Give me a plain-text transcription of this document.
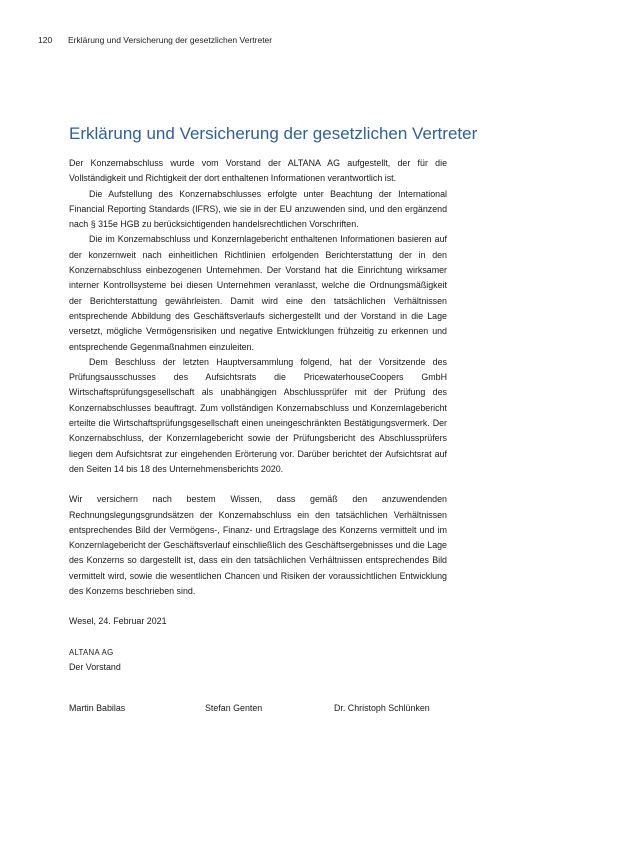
120 Erklärung und Versicherung der gesetzlichen Vertreter
Erklärung und Versicherung der gesetzlichen Vertreter

Der Konzernabschluss wurde vom Vorstand der ALTANA AG aufgestellt, der für die Vollständigkeit und Richtigkeit der dort enthaltenen Informationen verantwortlich ist.

Die Aufstellung des Konzernabschlusses erfolgte unter Beachtung der International Financial Reporting Standards (IFRS), wie sie in der EU anzuwenden sind, und den ergänzend nach § 315e HGB zu berücksichtigenden handelsrechtlichen Vorschriften.

Die im Konzernabschluss und Konzernlagebericht enthaltenen Informationen basieren auf der konzernweit nach einheitlichen Richtlinien erfolgenden Berichterstattung der in den Konzernabschluss einbezogenen Unternehmen. Der Vorstand hat die Einrichtung wirksamer interner Kontrollsysteme bei diesen Unternehmen veranlasst, welche die Ordnungsmäßigkeit der Berichterstattung gewährleisten. Damit wird eine den tatsächlichen Verhältnissen entsprechende Abbildung des Geschäftsverlaufs sichergestellt und der Vorstand in die Lage versetzt, mögliche Vermögensrisiken und negative Entwicklungen frühzeitig zu erkennen und entsprechende Gegenmaßnahmen einzuleiten.

Dem Beschluss der letzten Hauptversammlung folgend, hat der Vorsitzende des Prüfungsausschusses des Aufsichtsrats die PricewaterhouseCoopers GmbH Wirtschaftsprüfungsgesellschaft als unabhängigen Abschlussprüfer mit der Prüfung des Konzernabschlusses beauftragt. Zum vollständigen Konzernabschluss und Konzernlagebericht erteilte die Wirtschaftsprüfungsgesellschaft einen uneingeschränkten Bestätigungsvermerk. Der Konzernabschluss, der Konzernlagebericht sowie der Prüfungsbericht des Abschlussprüfers liegen dem Aufsichtsrat zur eingehenden Erörterung vor. Darüber berichtet der Aufsichtsrat auf den Seiten 14 bis 18 des Unternehmensberichts 2020.

Wir versichern nach bestem Wissen, dass gemäß den anzuwendenden Rechnungslegungsgrundsätzen der Konzernabschluss ein den tatsächlichen Verhältnissen entsprechendes Bild der Vermögens-, Finanz- und Ertragslage des Konzerns vermittelt und im Konzernlagebericht der Geschäftsverlauf einschließlich des Geschäftsergebnisses und die Lage des Konzerns so dargestellt ist, dass ein den tatsächlichen Verhältnissen entsprechendes Bild vermittelt wird, sowie die wesentlichen Chancen und Risiken der voraussichtlichen Entwicklung des Konzerns beschrieben sind.

Wesel, 24. Februar 2021

ALTANA AG

Der Vorstand

Martin Babilas	Stefan Genten	Dr. Christoph Schlünken
